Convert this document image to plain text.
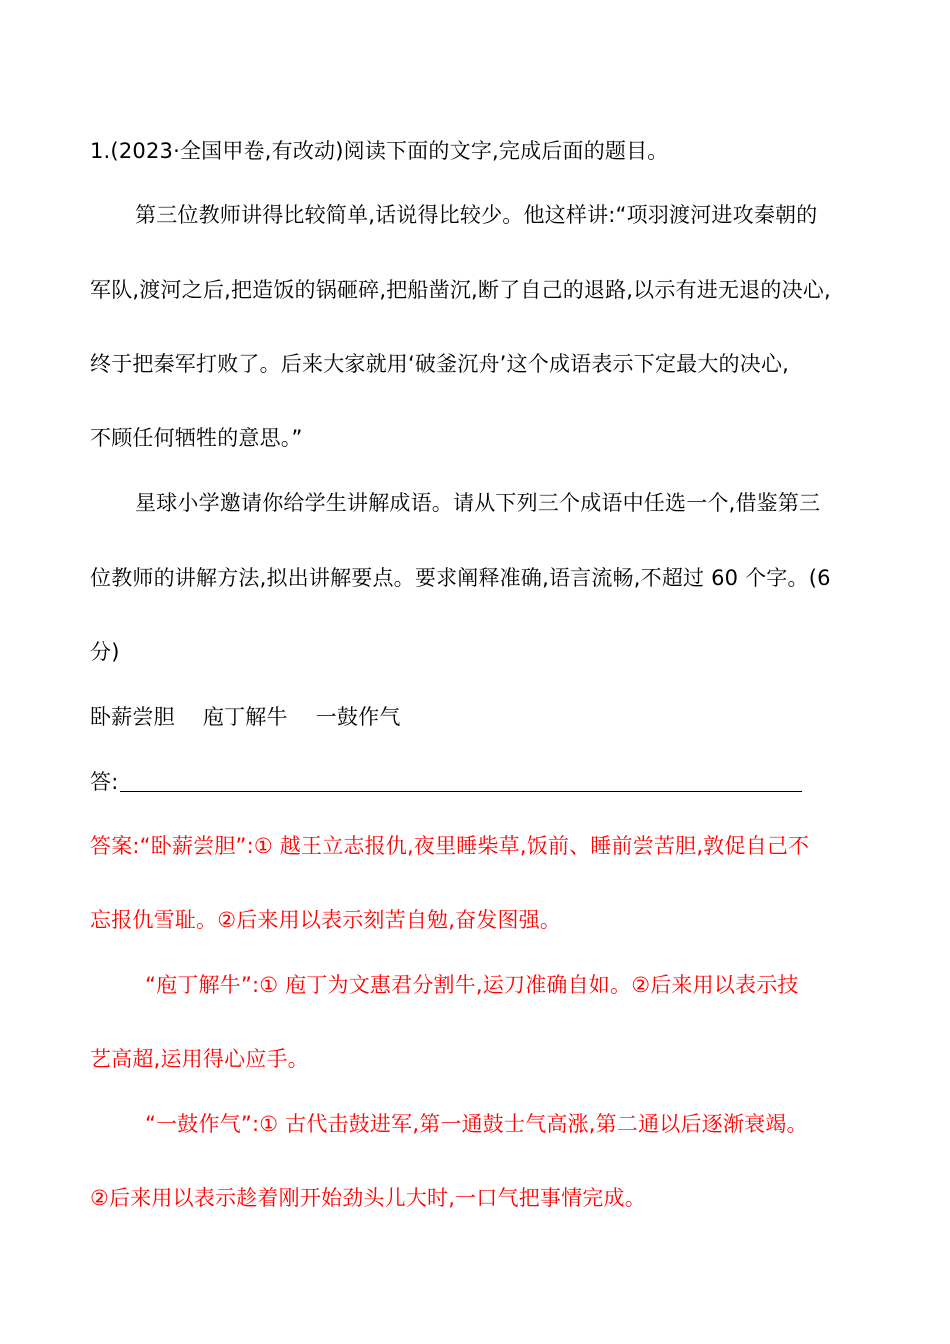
1.(2023·全国甲卷,有改动)阅读下面的文字,完成后面的题目。
第三位教师讲得比较简单,话说得比较少。他这样讲:“项羽渡河进攻秦朝的
军队,渡河之后,把造饭的锅砸碎,把船凿沉,断了自己的退路,以示有进无退的决心,
终于把秦军打败了。后来大家就用‘破釜沉舟’这个成语表示下定最大的决心,
不顾任何牺牲的意思。”
星球小学邀请你给学生讲解成语。请从下列三个成语中任选一个,借鉴第三
位教师的讲解方法,拟出讲解要点。要求阐释准确,语言流畅,不超过 60 个字。(6
分)
卧薪尝胆　 庖丁解牛　 一鼓作气
答:
答案:“卧薪尝胆”:① 越王立志报仇,夜里睡柴草,饭前、睡前尝苦胆,敦促自己不
忘报仇雪耻。②后来用以表示刻苦自勉,奋发图强。
“庖丁解牛”:① 庖丁为文惠君分割牛,运刀准确自如。②后来用以表示技
艺高超,运用得心应手。
“一鼓作气”:① 古代击鼓进军,第一通鼓士气高涨,第二通以后逐渐衰竭。
②后来用以表示趁着刚开始劲头儿大时,一口气把事情完成。
